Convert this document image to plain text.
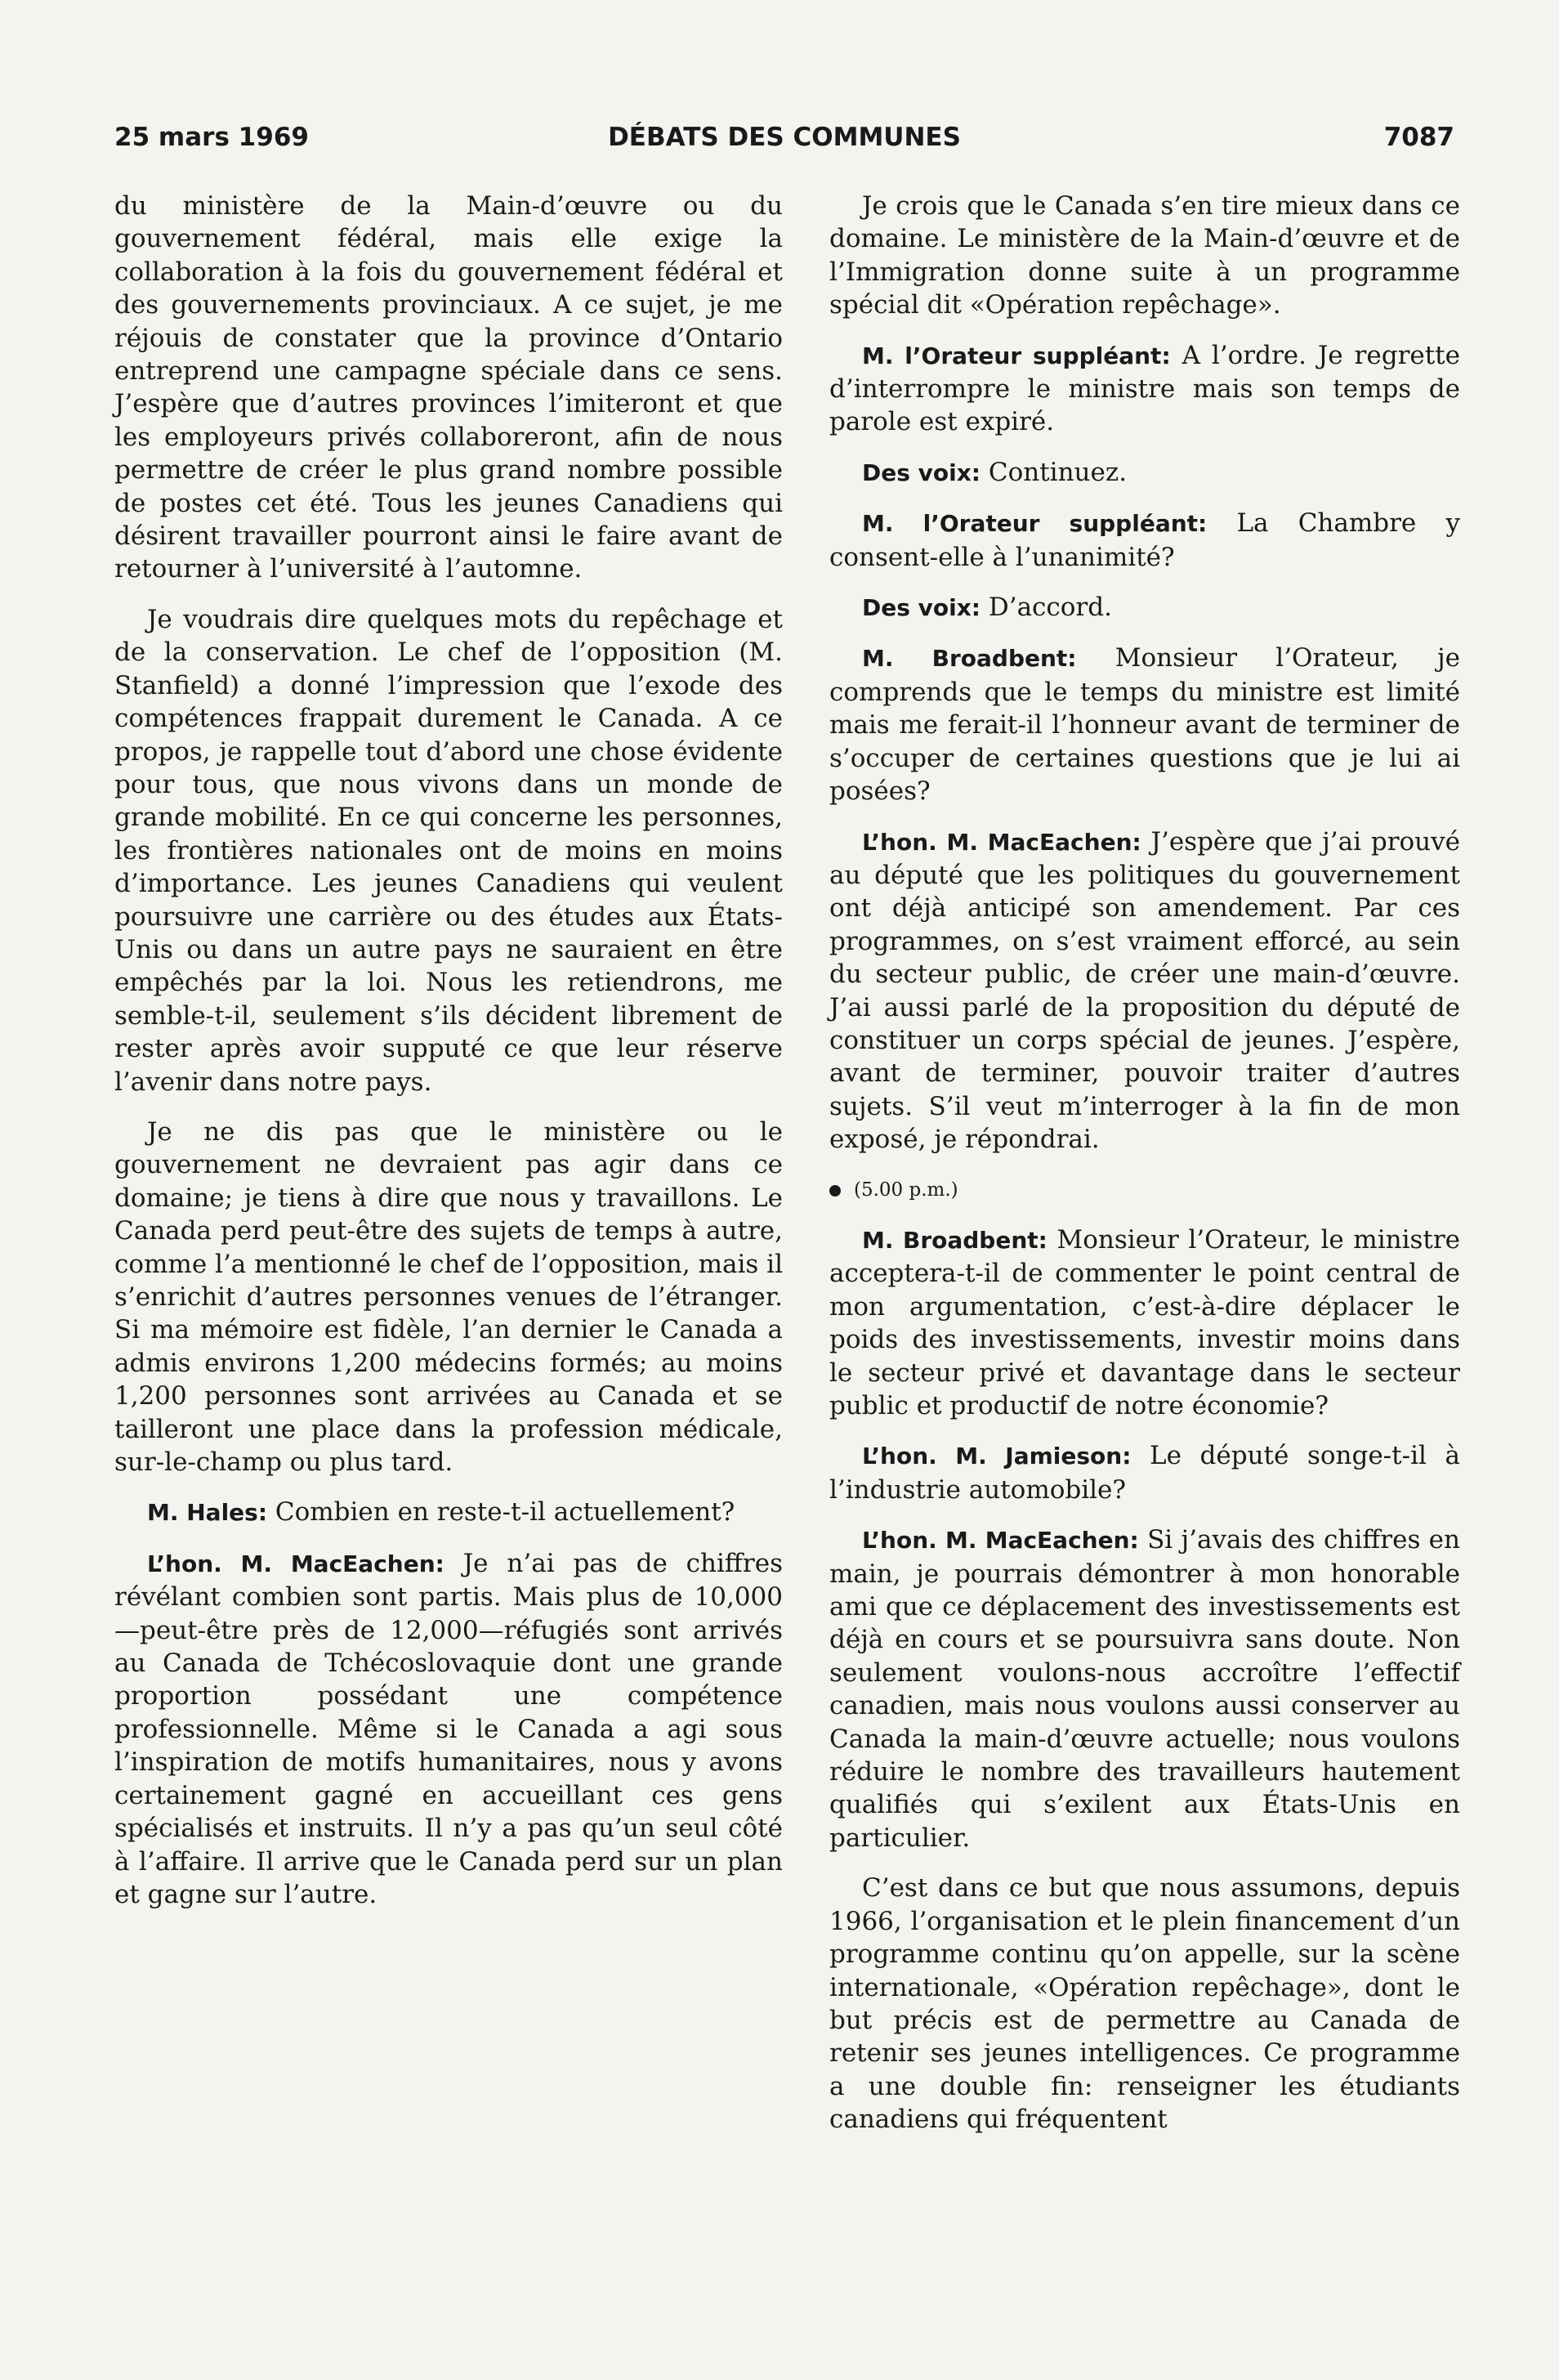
25 mars 1969	DÉBATS DES COMMUNES	7087

du ministère de la Main-d’œuvre ou du gouvernement fédéral, mais elle exige la collaboration à la fois du gouvernement fédéral et des gouvernements provinciaux. A ce sujet, je me réjouis de constater que la province d’Ontario entreprend une campagne spéciale dans ce sens. J’espère que d’autres provinces l’imiteront et que les employeurs privés collaboreront, afin de nous permettre de créer le plus grand nombre possible de postes cet été. Tous les jeunes Canadiens qui désirent travailler pourront ainsi le faire avant de retourner à l’université à l’automne.

Je voudrais dire quelques mots du repêchage et de la conservation. Le chef de l’opposition (M. Stanfield) a donné l’impression que l’exode des compétences frappait durement le Canada. A ce propos, je rappelle tout d’abord une chose évidente pour tous, que nous vivons dans un monde de grande mobilité. En ce qui concerne les personnes, les frontières nationales ont de moins en moins d’importance. Les jeunes Canadiens qui veulent poursuivre une carrière ou des études aux États-Unis ou dans un autre pays ne sauraient en être empêchés par la loi. Nous les retiendrons, me semble-t-il, seulement s’ils décident librement de rester après avoir supputé ce que leur réserve l’avenir dans notre pays.

Je ne dis pas que le ministère ou le gouvernement ne devraient pas agir dans ce domaine; je tiens à dire que nous y travaillons. Le Canada perd peut-être des sujets de temps à autre, comme l’a mentionné le chef de l’opposition, mais il s’enrichit d’autres personnes venues de l’étranger. Si ma mémoire est fidèle, l’an dernier le Canada a admis environs 1,200 médecins formés; au moins 1,200 personnes sont arrivées au Canada et se tailleront une place dans la profession médicale, sur-le-champ ou plus tard.

M. Hales: Combien en reste-t-il actuellement?

L’hon. M. MacEachen: Je n’ai pas de chiffres révélant combien sont partis. Mais plus de 10,000—peut-être près de 12,000—réfugiés sont arrivés au Canada de Tchécoslovaquie dont une grande proportion possédant une compétence professionnelle. Même si le Canada a agi sous l’inspiration de motifs humanitaires, nous y avons certainement gagné en accueillant ces gens spécialisés et instruits. Il n’y a pas qu’un seul côté à l’affaire. Il arrive que le Canada perd sur un plan et gagne sur l’autre.

Je crois que le Canada s’en tire mieux dans ce domaine. Le ministère de la Main-d’œuvre et de l’Immigration donne suite à un programme spécial dit «Opération repêchage».

M. l’Orateur suppléant: A l’ordre. Je regrette d’interrompre le ministre mais son temps de parole est expiré.

Des voix: Continuez.

M. l’Orateur suppléant: La Chambre y consent-elle à l’unanimité?

Des voix: D’accord.

M. Broadbent: Monsieur l’Orateur, je comprends que le temps du ministre est limité mais me ferait-il l’honneur avant de terminer de s’occuper de certaines questions que je lui ai posées?

L’hon. M. MacEachen: J’espère que j’ai prouvé au député que les politiques du gouvernement ont déjà anticipé son amendement. Par ces programmes, on s’est vraiment efforcé, au sein du secteur public, de créer une main-d’œuvre. J’ai aussi parlé de la proposition du député de constituer un corps spécial de jeunes. J’espère, avant de terminer, pouvoir traiter d’autres sujets. S’il veut m’interroger à la fin de mon exposé, je répondrai.

(5.00 p.m.)

M. Broadbent: Monsieur l’Orateur, le ministre acceptera-t-il de commenter le point central de mon argumentation, c’est-à-dire déplacer le poids des investissements, investir moins dans le secteur privé et davantage dans le secteur public et productif de notre économie?

L’hon. M. Jamieson: Le député songe-t-il à l’industrie automobile?

L’hon. M. MacEachen: Si j’avais des chiffres en main, je pourrais démontrer à mon honorable ami que ce déplacement des investissements est déjà en cours et se poursuivra sans doute. Non seulement voulons-nous accroître l’effectif canadien, mais nous voulons aussi conserver au Canada la main-d’œuvre actuelle; nous voulons réduire le nombre des travailleurs hautement qualifiés qui s’exilent aux États-Unis en particulier.

C’est dans ce but que nous assumons, depuis 1966, l’organisation et le plein financement d’un programme continu qu’on appelle, sur la scène internationale, «Opération repêchage», dont le but précis est de permettre au Canada de retenir ses jeunes intelligences. Ce programme a une double fin: renseigner les étudiants canadiens qui fréquentent
